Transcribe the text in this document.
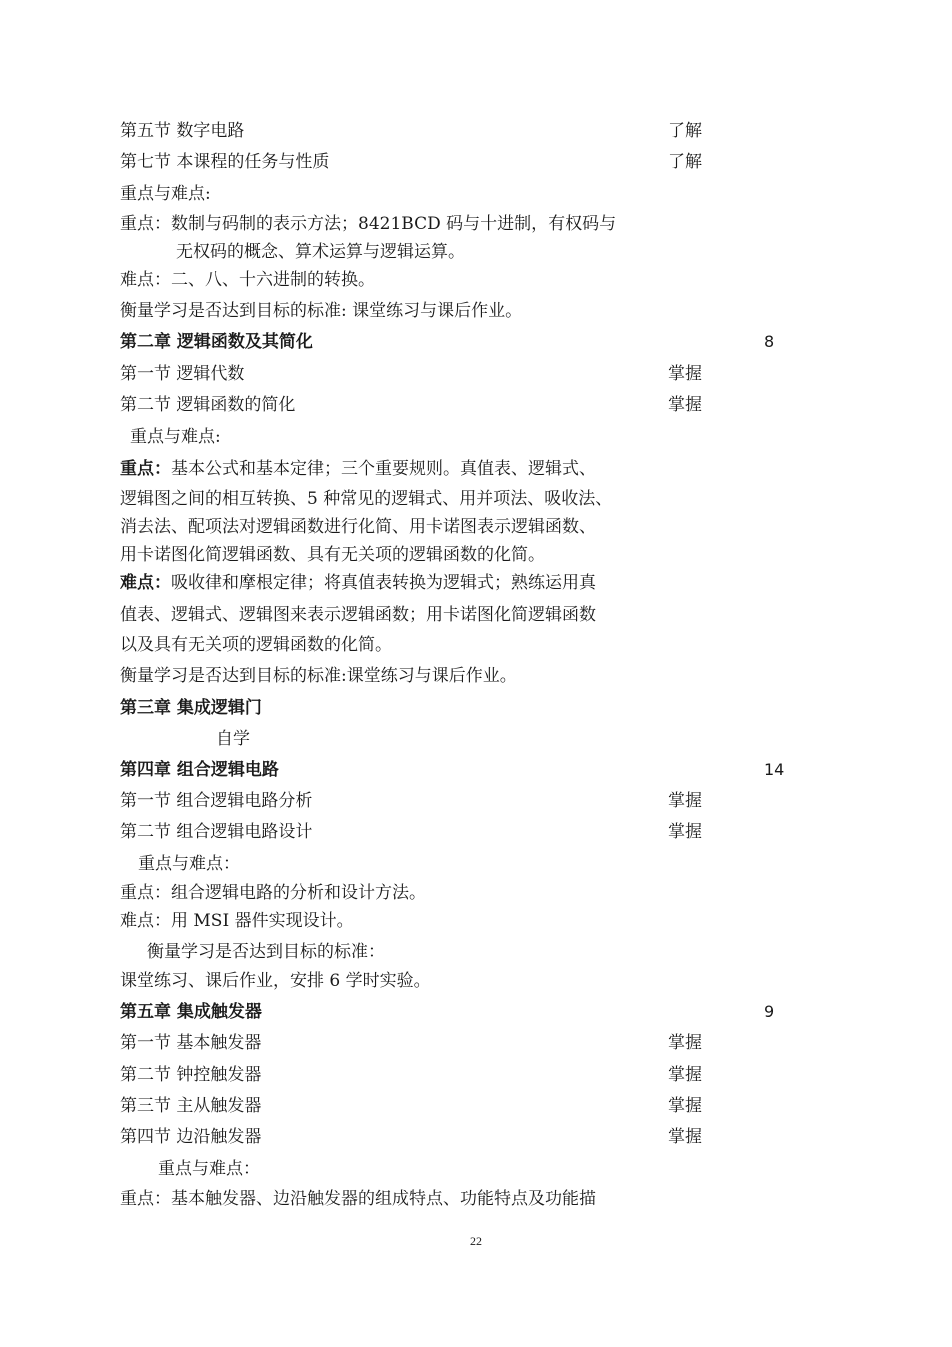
第五节 数字电路	了解
第七节 本课程的任务与性质	了解
重点与难点:
重点：数制与码制的表示方法；8421BCD 码与十进制，有权码与
无权码的概念、算术运算与逻辑运算。
难点：二、八、十六进制的转换。
衡量学习是否达到目标的标准: 课堂练习与课后作业。
第二章 逻辑函数及其简化	8
第一节 逻辑代数	掌握
第二节 逻辑函数的简化	掌握
重点与难点:
重点：基本公式和基本定律；三个重要规则。真值表、逻辑式、
逻辑图之间的相互转换、5 种常见的逻辑式、用并项法、吸收法、
消去法、配项法对逻辑函数进行化简、用卡诺图表示逻辑函数、
用卡诺图化简逻辑函数、具有无关项的逻辑函数的化简。
难点：吸收律和摩根定律；将真值表转换为逻辑式；熟练运用真
值表、逻辑式、逻辑图来表示逻辑函数；用卡诺图化简逻辑函数
以及具有无关项的逻辑函数的化简。
衡量学习是否达到目标的标准:课堂练习与课后作业。
第三章 集成逻辑门
自学
第四章 组合逻辑电路	14
第一节 组合逻辑电路分析	掌握
第二节 组合逻辑电路设计	掌握
重点与难点：
重点：组合逻辑电路的分析和设计方法。
难点：用 MSI 器件实现设计。
衡量学习是否达到目标的标准：
课堂练习、课后作业，安排 6 学时实验。
第五章 集成触发器	9
第一节 基本触发器	掌握
第二节 钟控触发器	掌握
第三节 主从触发器	掌握
第四节 边沿触发器	掌握
重点与难点：
重点：基本触发器、边沿触发器的组成特点、功能特点及功能描
22
